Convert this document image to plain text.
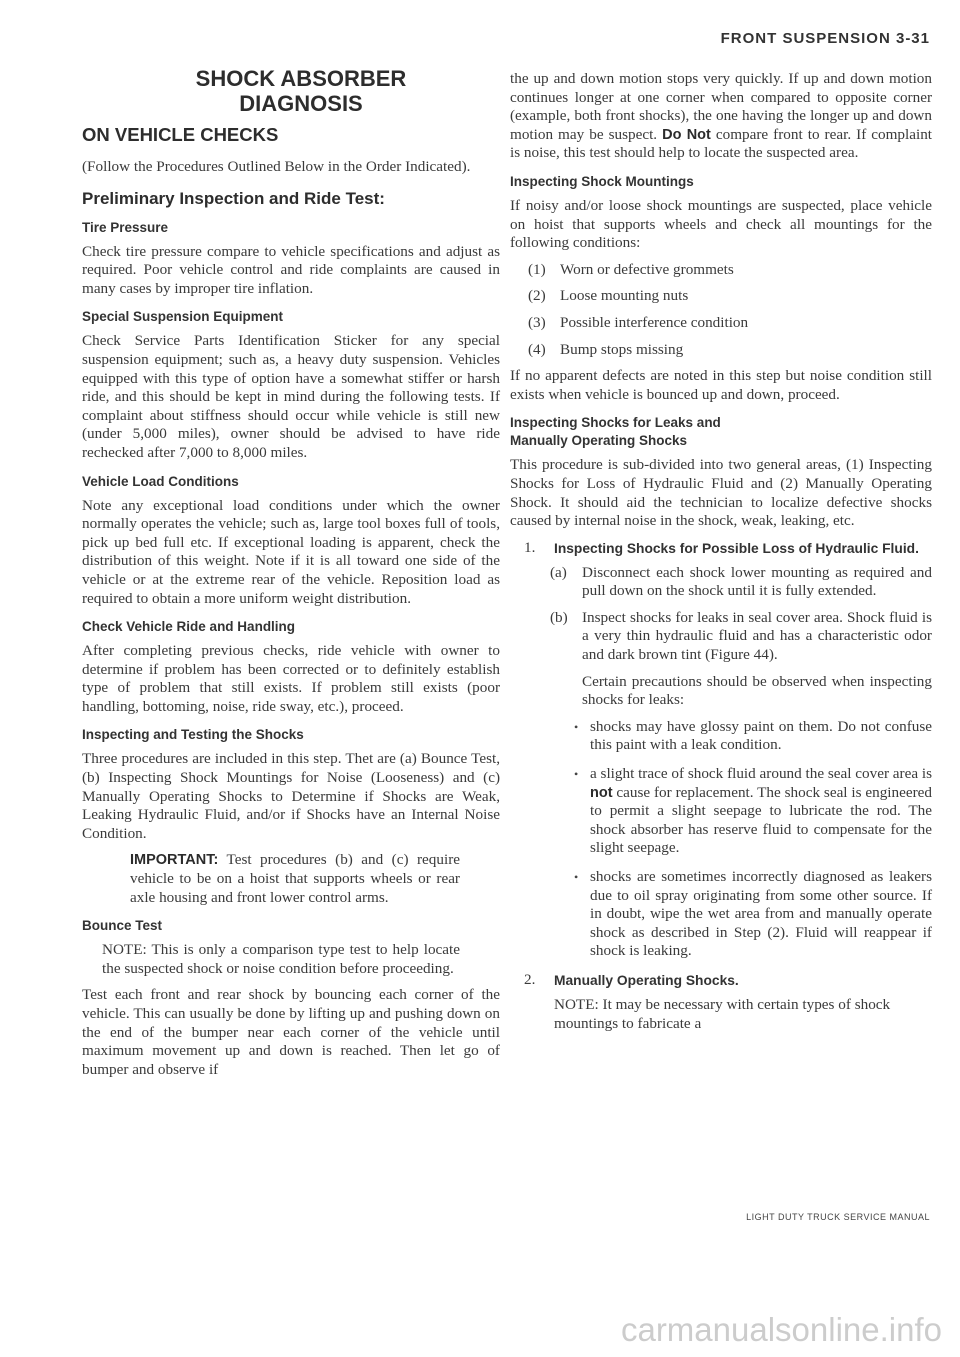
FRONT SUSPENSION 3-31
SHOCK ABSORBER
DIAGNOSIS
ON VEHICLE CHECKS

(Follow the Procedures Outlined Below in the Order Indicated).

Preliminary Inspection and Ride Test:
Tire Pressure

Check tire pressure compare to vehicle specifications and adjust as required. Poor vehicle control and ride complaints are caused in many cases by improper tire inflation.

Special Suspension Equipment

Check Service Parts Identification Sticker for any special suspension equipment; such as, a heavy duty suspension. Vehicles equipped with this type of option have a somewhat stiffer or harsh ride, and this should be kept in mind during the following tests. If complaint about stiffness should occur while vehicle is still new (under 5,000 miles), owner should be advised to have ride rechecked after 7,000 to 8,000 miles.

Vehicle Load Conditions

Note any exceptional load conditions under which the owner normally operates the vehicle; such as, large tool boxes full of tools, pick up bed full etc. If exceptional loading is apparent, check the distribution of this weight. Note if it is all toward one side of the vehicle or at the extreme rear of the vehicle. Reposition load as required to obtain a more uniform weight distribution.

Check Vehicle Ride and Handling

After completing previous checks, ride vehicle with owner to determine if problem has been corrected or to definitely establish type of problem that still exists. If problem still exists (poor handling, bottoming, noise, ride sway, etc.), proceed.

Inspecting and Testing the Shocks

Three procedures are included in this step. Thet are (a) Bounce Test, (b) Inspecting Shock Mountings for Noise (Looseness) and (c) Manually Operating Shocks to Determine if Shocks are Weak, Leaking Hydraulic Fluid, and/or if Shocks have an Internal Noise Condition.

IMPORTANT: Test procedures (b) and (c) require vehicle to be on a hoist that supports wheels or rear axle housing and front lower control arms.

Bounce Test

NOTE: This is only a comparison type test to help locate the suspected shock or noise condition before proceeding.

Test each front and rear shock by bouncing each corner of the vehicle. This can usually be done by lifting up and pushing down on the end of the bumper near each corner of the vehicle until maximum movement up and down is reached. Then let go of bumper and observe if

the up and down motion stops very quickly. If up and down motion continues longer at one corner when compared to opposite corner (example, both front shocks), the one having the longer up and down motion may be suspect. Do Not compare front to rear. If complaint is noise, this test should help to locate the suspected area.

Inspecting Shock Mountings

If noisy and/or loose shock mountings are suspected, place vehicle on hoist that supports wheels and check all mountings for the following conditions:

(1) Worn or defective grommets
(2) Loose mounting nuts
(3) Possible interference condition
(4) Bump stops missing

If no apparent defects are noted in this step but noise condition still exists when vehicle is bounced up and down, proceed.

Inspecting Shocks for Leaks and
Manually Operating Shocks

This procedure is sub-divided into two general areas, (1) Inspecting Shocks for Loss of Hydraulic Fluid and (2) Manually Operating Shock. It should aid the technician to localize defective shocks caused by internal noise in the shock, weak, leaking, etc.

1.	Inspecting Shocks for Possible Loss of Hydraulic Fluid.
(a) Disconnect each shock lower mounting as required and pull down on the shock until it is fully extended.

(b) Inspect shocks for leaks in seal cover area. Shock fluid is a very thin hydraulic fluid and has a characteristic odor and dark brown tint (Figure 44).

Certain precautions should be observed when inspecting shocks for leaks:

• shocks may have glossy paint on them. Do not confuse this paint with a leak condition.

• a slight trace of shock fluid around the seal cover area is not cause for replacement. The shock seal is engineered to permit a slight seepage to lubricate the rod. The shock absorber has reserve fluid to compensate for the slight seepage.

• shocks are sometimes incorrectly diagnosed as leakers due to oil spray originating from some other source. If in doubt, wipe the wet area from and manually operate shock as described in Step (2). Fluid will reappear if shock is leaking.

2.	Manually Operating Shocks.

NOTE: It may be necessary with certain types of shock mountings to fabricate a

LIGHT DUTY TRUCK SERVICE MANUAL
carmanualsonline.info
